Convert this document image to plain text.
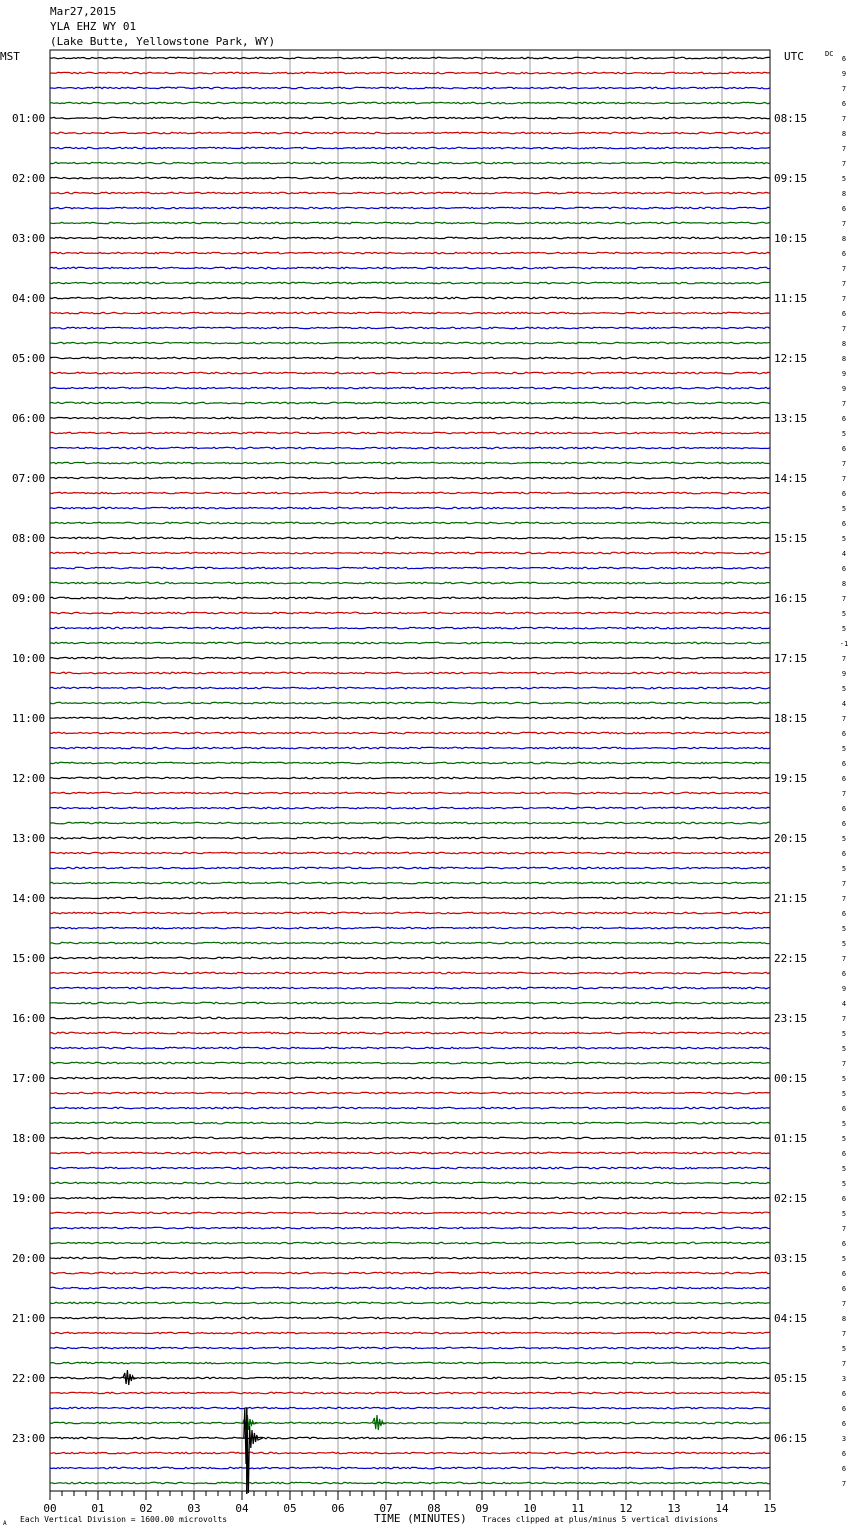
Mar27,2015
YLA EHZ WY 01
(Lake Butte, Yellowstone Park, WY)
MST	UTC	DC
00	01	02	03	04	05	06	07	08	09	10	11	12	13	14	15
6
9
7
6
7
8
7
7
5
8
6
7
8
6
7
7
7
6
7
8
8
9
9
7
6
5
6
7
7
6
5
6
5
4
6
8
7
5
5
-1
7
9
5
4
7
6
5
6
6
7
6
6
5
6
5
7
7
6
5
5
7
6
9
4
7
5
5
7
5
5
6
5
5
6
5
5
6
5
7
6
5
6
6
7
8
7
5
7
3
6
6
6
3
6
6
7
01:00	08:15
02:00	09:15
03:00	10:15
04:00	11:15
05:00	12:15
06:00	13:15
07:00	14:15
08:00	15:15
09:00	16:15
10:00	17:15
11:00	18:15
12:00	19:15
13:00	20:15
14:00	21:15
15:00	22:15
16:00	23:15
17:00	00:15
18:00	01:15
19:00	02:15
20:00	03:15
21:00	04:15
22:00	05:15
23:00	06:15
A Each Vertical Division = 1600.00 microvolts	TIME (MINUTES) Traces clipped at plus/minus 5 vertical divisions
